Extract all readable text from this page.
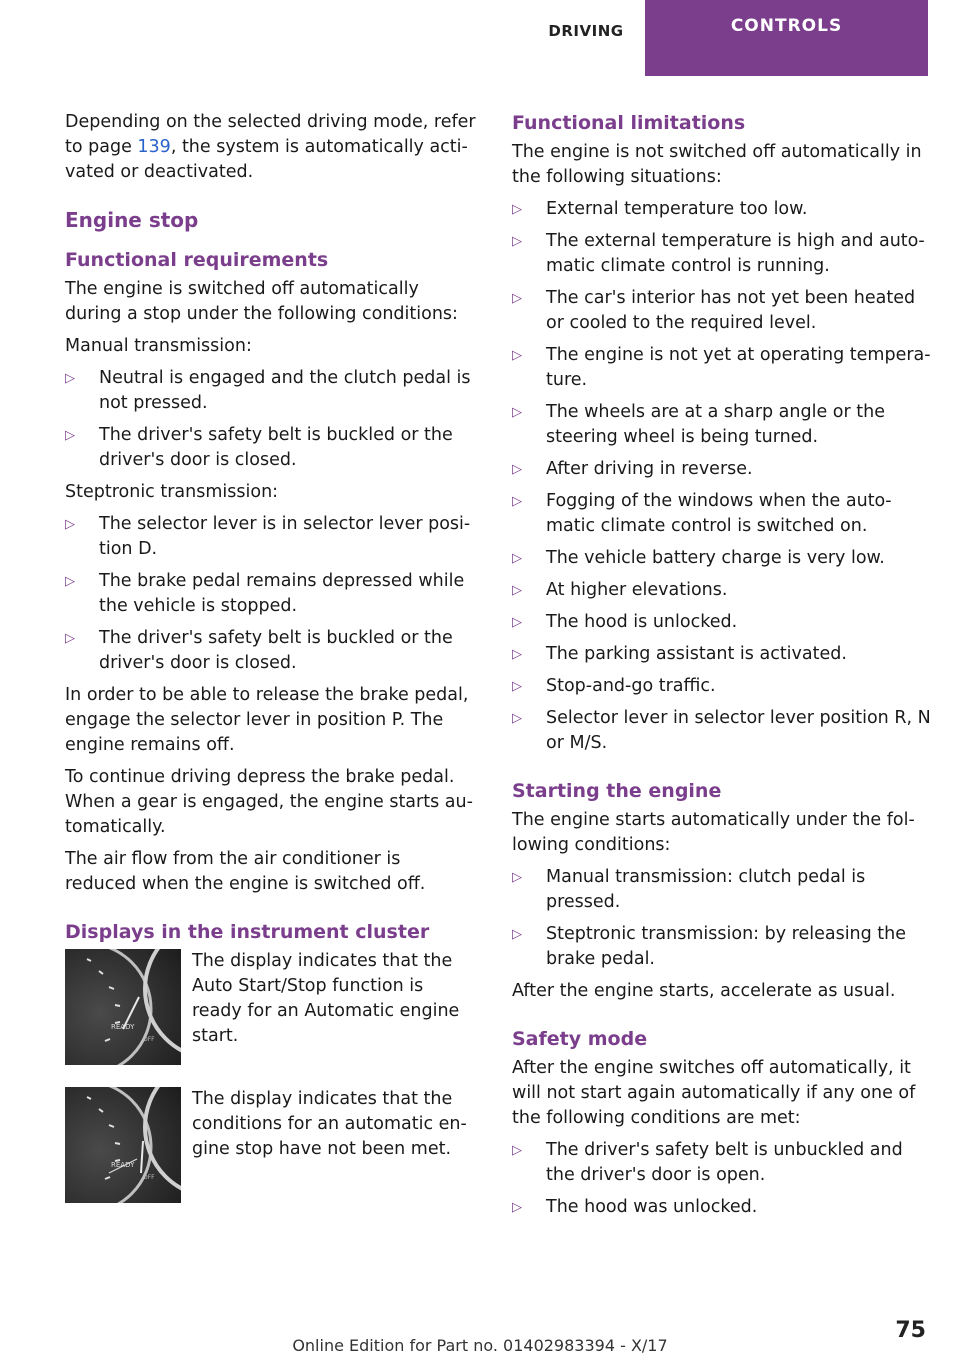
DRIVING	CONTROLS

Depending on the selected driving mode, refer to page 139, the system is automatically activated or deactivated.

Engine stop
Functional requirements

The engine is switched off automatically during a stop under the following conditions:

Manual transmission:

▷ Neutral is engaged and the clutch pedal is not pressed.
▷ The driver's safety belt is buckled or the driver's door is closed.

Steptronic transmission:

▷ The selector lever is in selector lever position D.
▷ The brake pedal remains depressed while the vehicle is stopped.
▷ The driver's safety belt is buckled or the driver's door is closed.

In order to be able to release the brake pedal, engage the selector lever in position P. The engine remains off.

To continue driving depress the brake pedal. When a gear is engaged, the engine starts automatically.

The air flow from the air conditioner is reduced when the engine is switched off.

Displays in the instrument cluster
READY
OFF
The display indicates that the Auto Start/Stop function is ready for an Automatic engine start.
READY
OFF
The display indicates that the conditions for an automatic engine stop have not been met.
Functional limitations

The engine is not switched off automatically in the following situations:

▷ External temperature too low.
▷ The external temperature is high and automatic climate control is running.
▷ The car's interior has not yet been heated or cooled to the required level.
▷ The engine is not yet at operating temperature.
▷ The wheels are at a sharp angle or the steering wheel is being turned.
▷ After driving in reverse.
▷ Fogging of the windows when the automatic climate control is switched on.
▷ The vehicle battery charge is very low.
▷ At higher elevations.
▷ The hood is unlocked.
▷ The parking assistant is activated.
▷ Stop-and-go traffic.
▷ Selector lever in selector lever position R, N or M/S.
Starting the engine

The engine starts automatically under the following conditions:

▷ Manual transmission: clutch pedal is pressed.
▷ Steptronic transmission: by releasing the brake pedal.

After the engine starts, accelerate as usual.

Safety mode

After the engine switches off automatically, it will not start again automatically if any one of the following conditions are met:

▷ The driver's safety belt is unbuckled and the driver's door is open.
▷ The hood was unlocked.
75
Online Edition for Part no. 01402983394 - X/17
